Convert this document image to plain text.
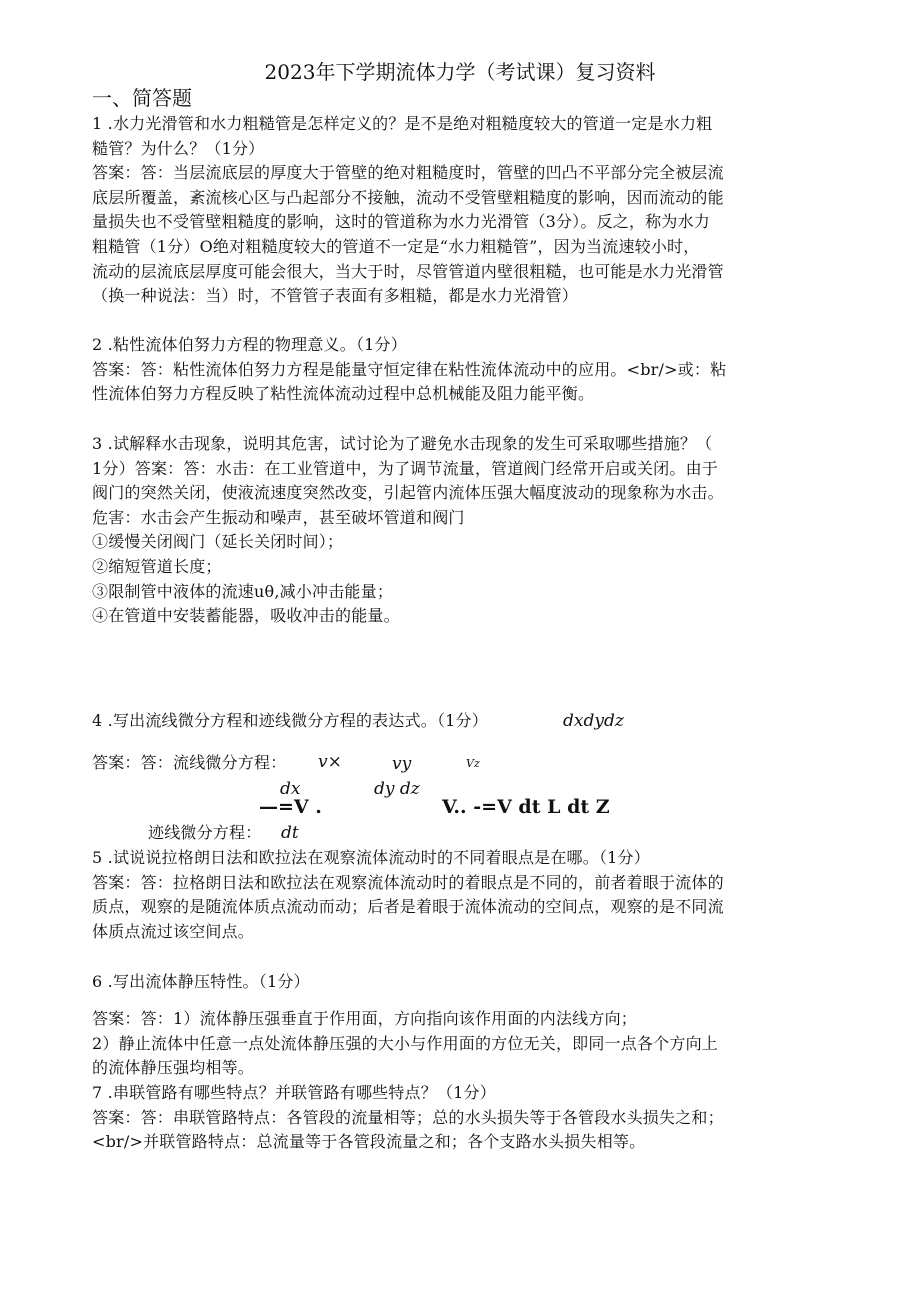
2023年下学期流体力学（考试课）复习资料
一、简答题

1 .水力光滑管和水力粗糙管是怎样定义的？是不是绝对粗糙度较大的管道一定是水力粗

糙管？为什么？（1分）

答案：答：当层流底层的厚度大于管壁的绝对粗糙度时，管壁的凹凸不平部分完全被层流

底层所覆盖，紊流核心区与凸起部分不接触，流动不受管壁粗糙度的影响，因而流动的能

量损失也不受管壁粗糙度的影响，这时的管道称为水力光滑管（3分）。反之，称为水力

粗糙管（1分）O绝对粗糙度较大的管道不一定是“水力粗糙管”，因为当流速较小时，

流动的层流底层厚度可能会很大，当大于时，尽管管道内壁很粗糙，也可能是水力光滑管

（换一种说法：当）时，不管管子表面有多粗糙，都是水力光滑管）

2 .粘性流体伯努力方程的物理意义。（1分）

答案：答：粘性流体伯努力方程是能量守恒定律在粘性流体流动中的应用。<br/>或：粘

性流体伯努力方程反映了粘性流体流动过程中总机械能及阻力能平衡。

3 .试解释水击现象，说明其危害，试讨论为了避免水击现象的发生可采取哪些措施？（

1分）答案：答：水击：在工业管道中，为了调节流量，管道阀门经常开启或关闭。由于

阀门的突然关闭，使液流速度突然改变，引起管内流体压强大幅度波动的现象称为水击。

危害：水击会产生振动和噪声，甚至破坏管道和阀门

①缓慢关闭阀门（延长关闭时间）；

②缩短管道长度；

③限制管中液体的流速uθ,减小冲击能量；

④在管道中安装蓄能器，吸收冲击的能量。

4 .写出流线微分方程和迹线微分方程的表达式。（1分）	dxdydz

答案：答：流线微分方程：	v×	vy	Vz
dx	dy dz
—=V .	V.. -=V dt L dt Z

迹线微分方程：	dt

5 .试说说拉格朗日法和欧拉法在观察流体流动时的不同着眼点是在哪。（1分）

答案：答：拉格朗日法和欧拉法在观察流体流动时的着眼点是不同的，前者着眼于流体的

质点，观察的是随流体质点流动而动；后者是着眼于流体流动的空间点，观察的是不同流

体质点流过该空间点。

6 .写出流体静压特性。（1分）

答案：答：1）流体静压强垂直于作用面，方向指向该作用面的内法线方向；

2）静止流体中任意一点处流体静压强的大小与作用面的方位无关，即同一点各个方向上

的流体静压强均相等。

7 .串联管路有哪些特点？并联管路有哪些特点？（1分）

答案：答：串联管路特点：各管段的流量相等；总的水头损失等于各管段水头损失之和；

<br/>并联管路特点：总流量等于各管段流量之和；各个支路水头损失相等。
